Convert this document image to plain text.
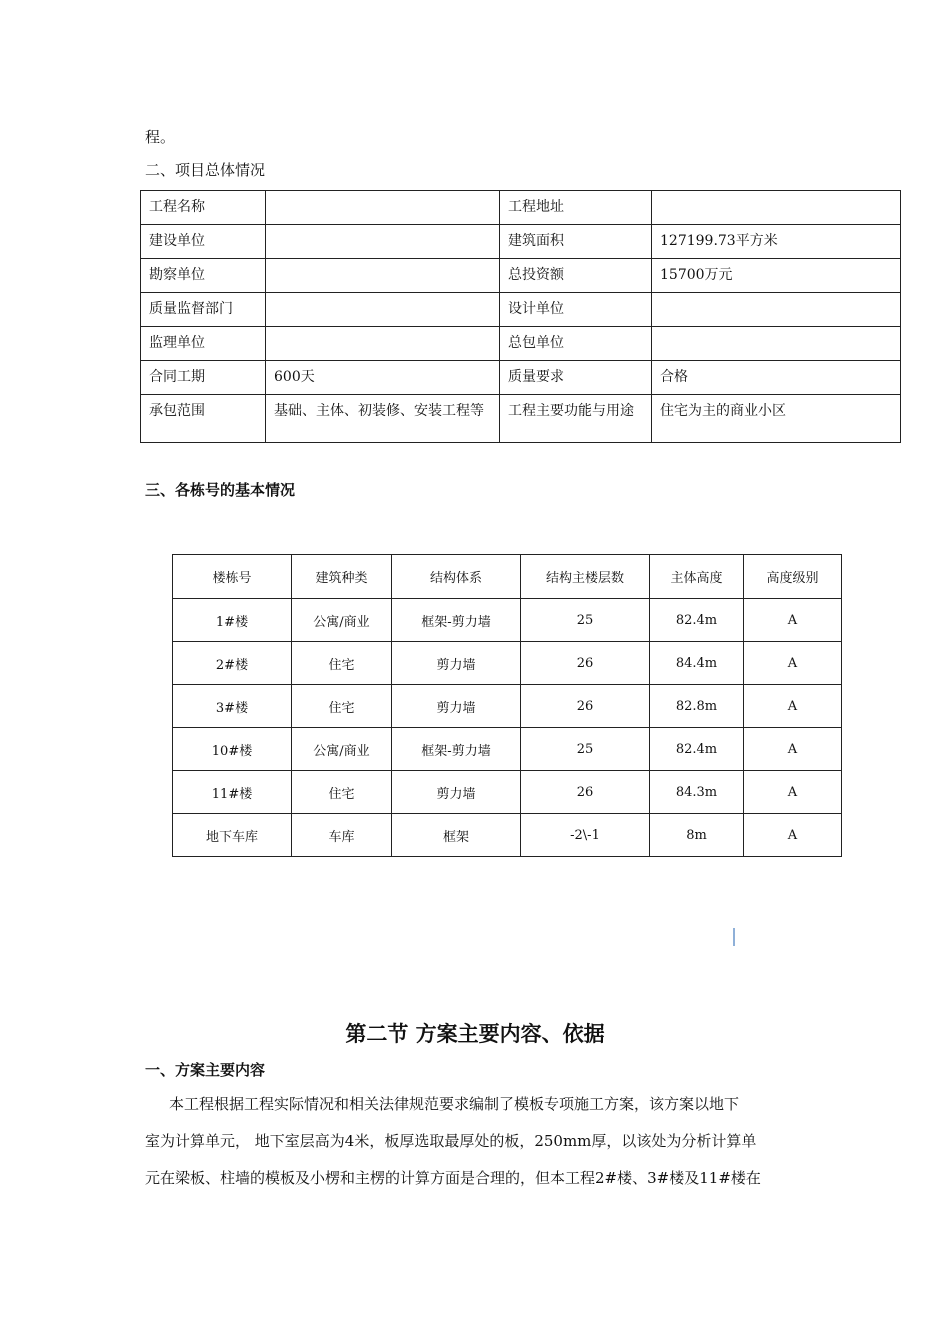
程。
二、项目总体情况
工程名称		工程地址	
建设单位		建筑面积	127199.73平方米
勘察单位		总投资额	15700万元
质量监督部门		设计单位	
监理单位		总包单位	
合同工期	600天	质量要求	合格
承包范围	基础、主体、初装修、安装工程等	工程主要功能与用途	住宅为主的商业小区
三、各栋号的基本情况
楼栋号	建筑种类	结构体系	结构主楼层数	主体高度	高度级别
1#楼	公寓/商业	框架-剪力墙	25	82.4m	A
2#楼	住宅	剪力墙	26	84.4m	A
3#楼	住宅	剪力墙	26	82.8m	A
10#楼	公寓/商业	框架-剪力墙	25	82.4m	A
11#楼	住宅	剪力墙	26	84.3m	A
地下车库	车库	框架	-2\-1	8m	A
第二节 方案主要内容、依据
一、方案主要内容
本工程根据工程实际情况和相关法律规范要求编制了模板专项施工方案，该方案以地下
室为计算单元， 地下室层高为4米，板厚选取最厚处的板，250mm厚，以该处为分析计算单
元在梁板、柱墙的模板及小楞和主楞的计算方面是合理的，但本工程2#楼、3#楼及11#楼在
